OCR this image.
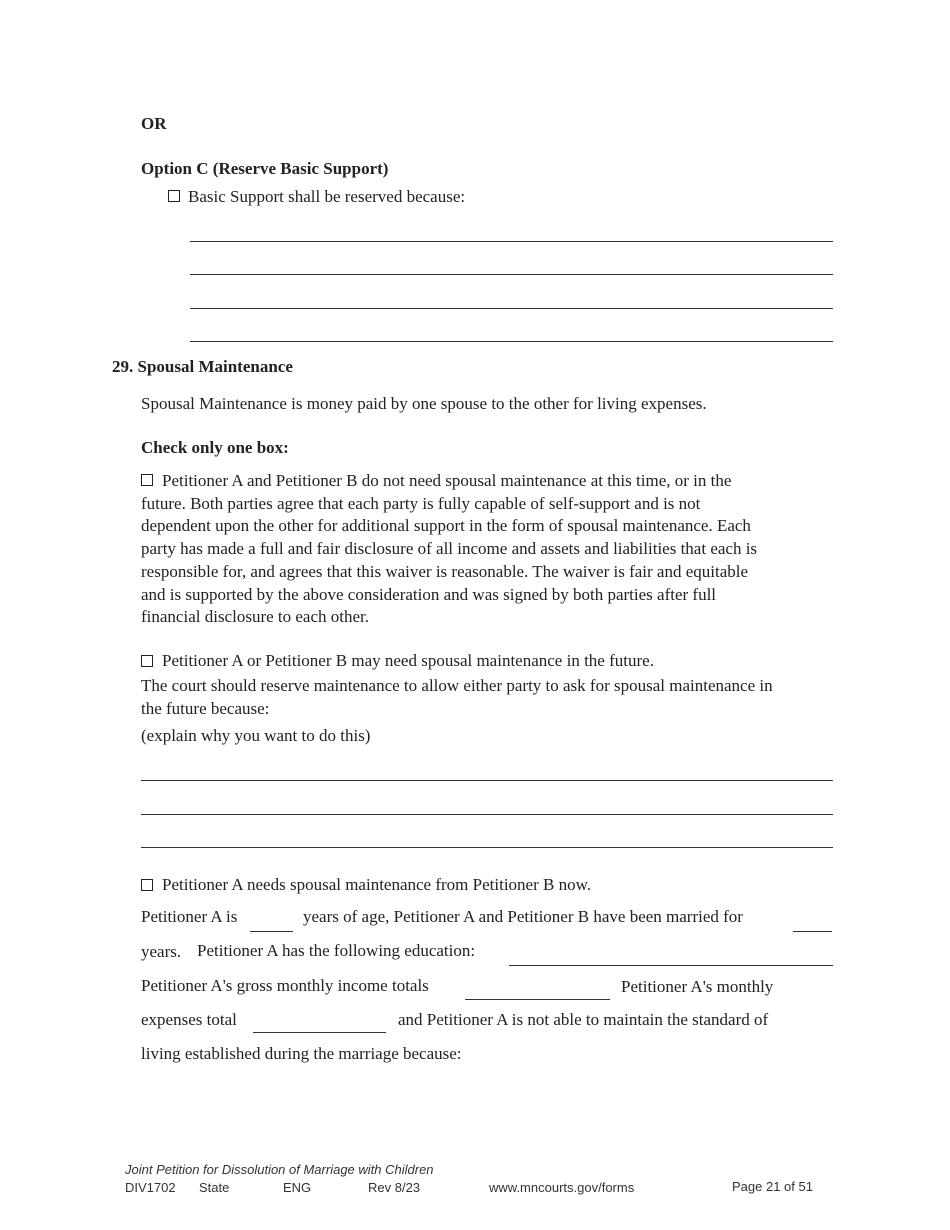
OR
Option C (Reserve Basic Support)
Basic Support shall be reserved because:
29. Spousal Maintenance
Spousal Maintenance is money paid by one spouse to the other for living expenses.
Check only one box:
Petitioner A and Petitioner B do not need spousal maintenance at this time, or in the
future. Both parties agree that each party is fully capable of self-support and is not
dependent upon the other for additional support in the form of spousal maintenance. Each
party has made a full and fair disclosure of all income and assets and liabilities that each is
responsible for, and agrees that this waiver is reasonable. The waiver is fair and equitable
and is supported by the above consideration and was signed by both parties after full
financial disclosure to each other.
Petitioner A or Petitioner B may need spousal maintenance in the future.
The court should reserve maintenance to allow either party to ask for spousal maintenance in
the future because:
(explain why you want to do this)
Petitioner A needs spousal maintenance from Petitioner B now.
Petitioner A is	years of age, Petitioner A and Petitioner B have been married for
years. Petitioner A has the following education:
Petitioner A's gross monthly income totals	Petitioner A's monthly
expenses total	and Petitioner A is not able to maintain the standard of
living established during the marriage because:
Joint Petition for Dissolution of Marriage with Children
DIV1702 State	ENG	Rev 8/23	www.mncourts.gov/forms	Page 21 of 51
